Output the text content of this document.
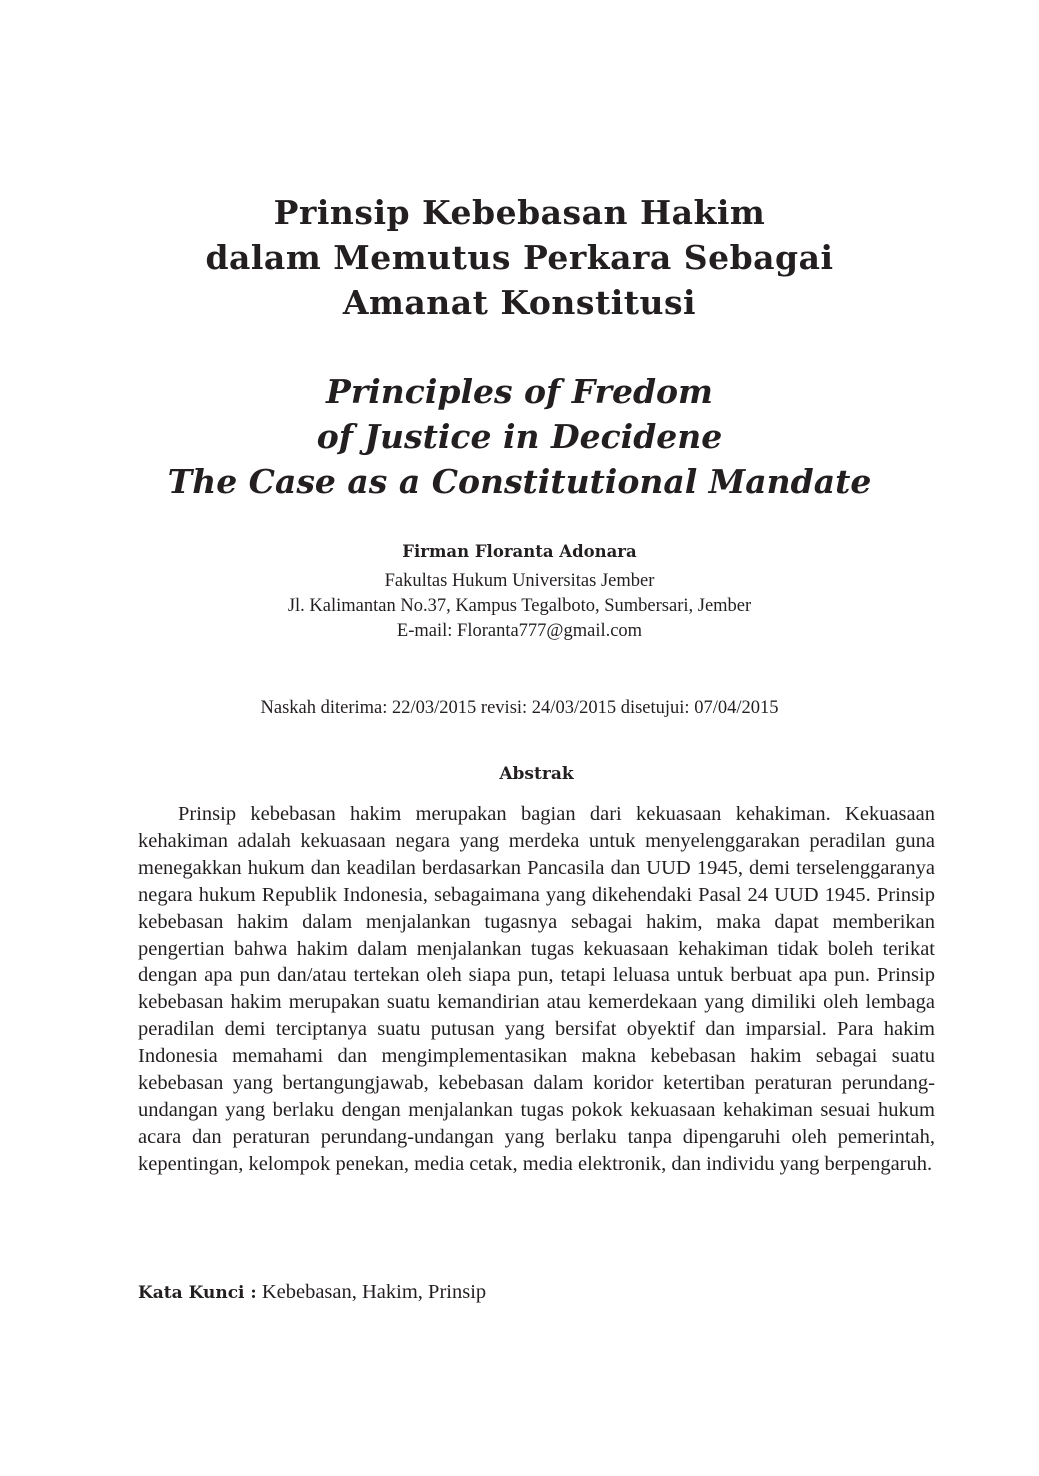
Prinsip Kebebasan Hakim
dalam Memutus Perkara Sebagai
Amanat Konstitusi
Principles of Fredom
of Justice in Decidene
The Case as a Constitutional Mandate
Firman Floranta Adonara
Fakultas Hukum Universitas Jember
Jl. Kalimantan No.37, Kampus Tegalboto, Sumbersari, Jember
E-mail: Floranta777@gmail.com
Naskah diterima: 22/03/2015 revisi: 24/03/2015 disetujui: 07/04/2015
Abstrak
Prinsip kebebasan hakim merupakan bagian dari kekuasaan kehakiman. Kekuasaan kehakiman adalah kekuasaan negara yang merdeka untuk menyelenggarakan peradilan guna menegakkan hukum dan keadilan berdasarkan Pancasila dan UUD 1945, demi terselenggaranya negara hukum Republik Indonesia, sebagaimana yang dikehendaki Pasal 24 UUD 1945. Prinsip kebebasan hakim dalam menjalankan tugasnya sebagai hakim, maka dapat memberikan pengertian bahwa hakim dalam menjalankan tugas kekuasaan kehakiman tidak boleh terikat dengan apa pun dan/atau tertekan oleh siapa pun, tetapi leluasa untuk berbuat apa pun. Prinsip kebebasan hakim merupakan suatu kemandirian atau kemerdekaan yang dimiliki oleh lembaga peradilan demi terciptanya suatu putusan yang bersifat obyektif dan imparsial. Para hakim Indonesia memahami dan mengimplementasikan makna kebebasan hakim sebagai suatu kebebasan yang bertangungjawab, kebebasan dalam koridor ketertiban peraturan perundang-undangan yang berlaku dengan menjalankan tugas pokok kekuasaan kehakiman sesuai hukum acara dan peraturan perundang-undangan yang berlaku tanpa dipengaruhi oleh pemerintah, kepentingan, kelompok penekan, media cetak, media elektronik, dan individu yang berpengaruh.
Kata Kunci : Kebebasan, Hakim, Prinsip
